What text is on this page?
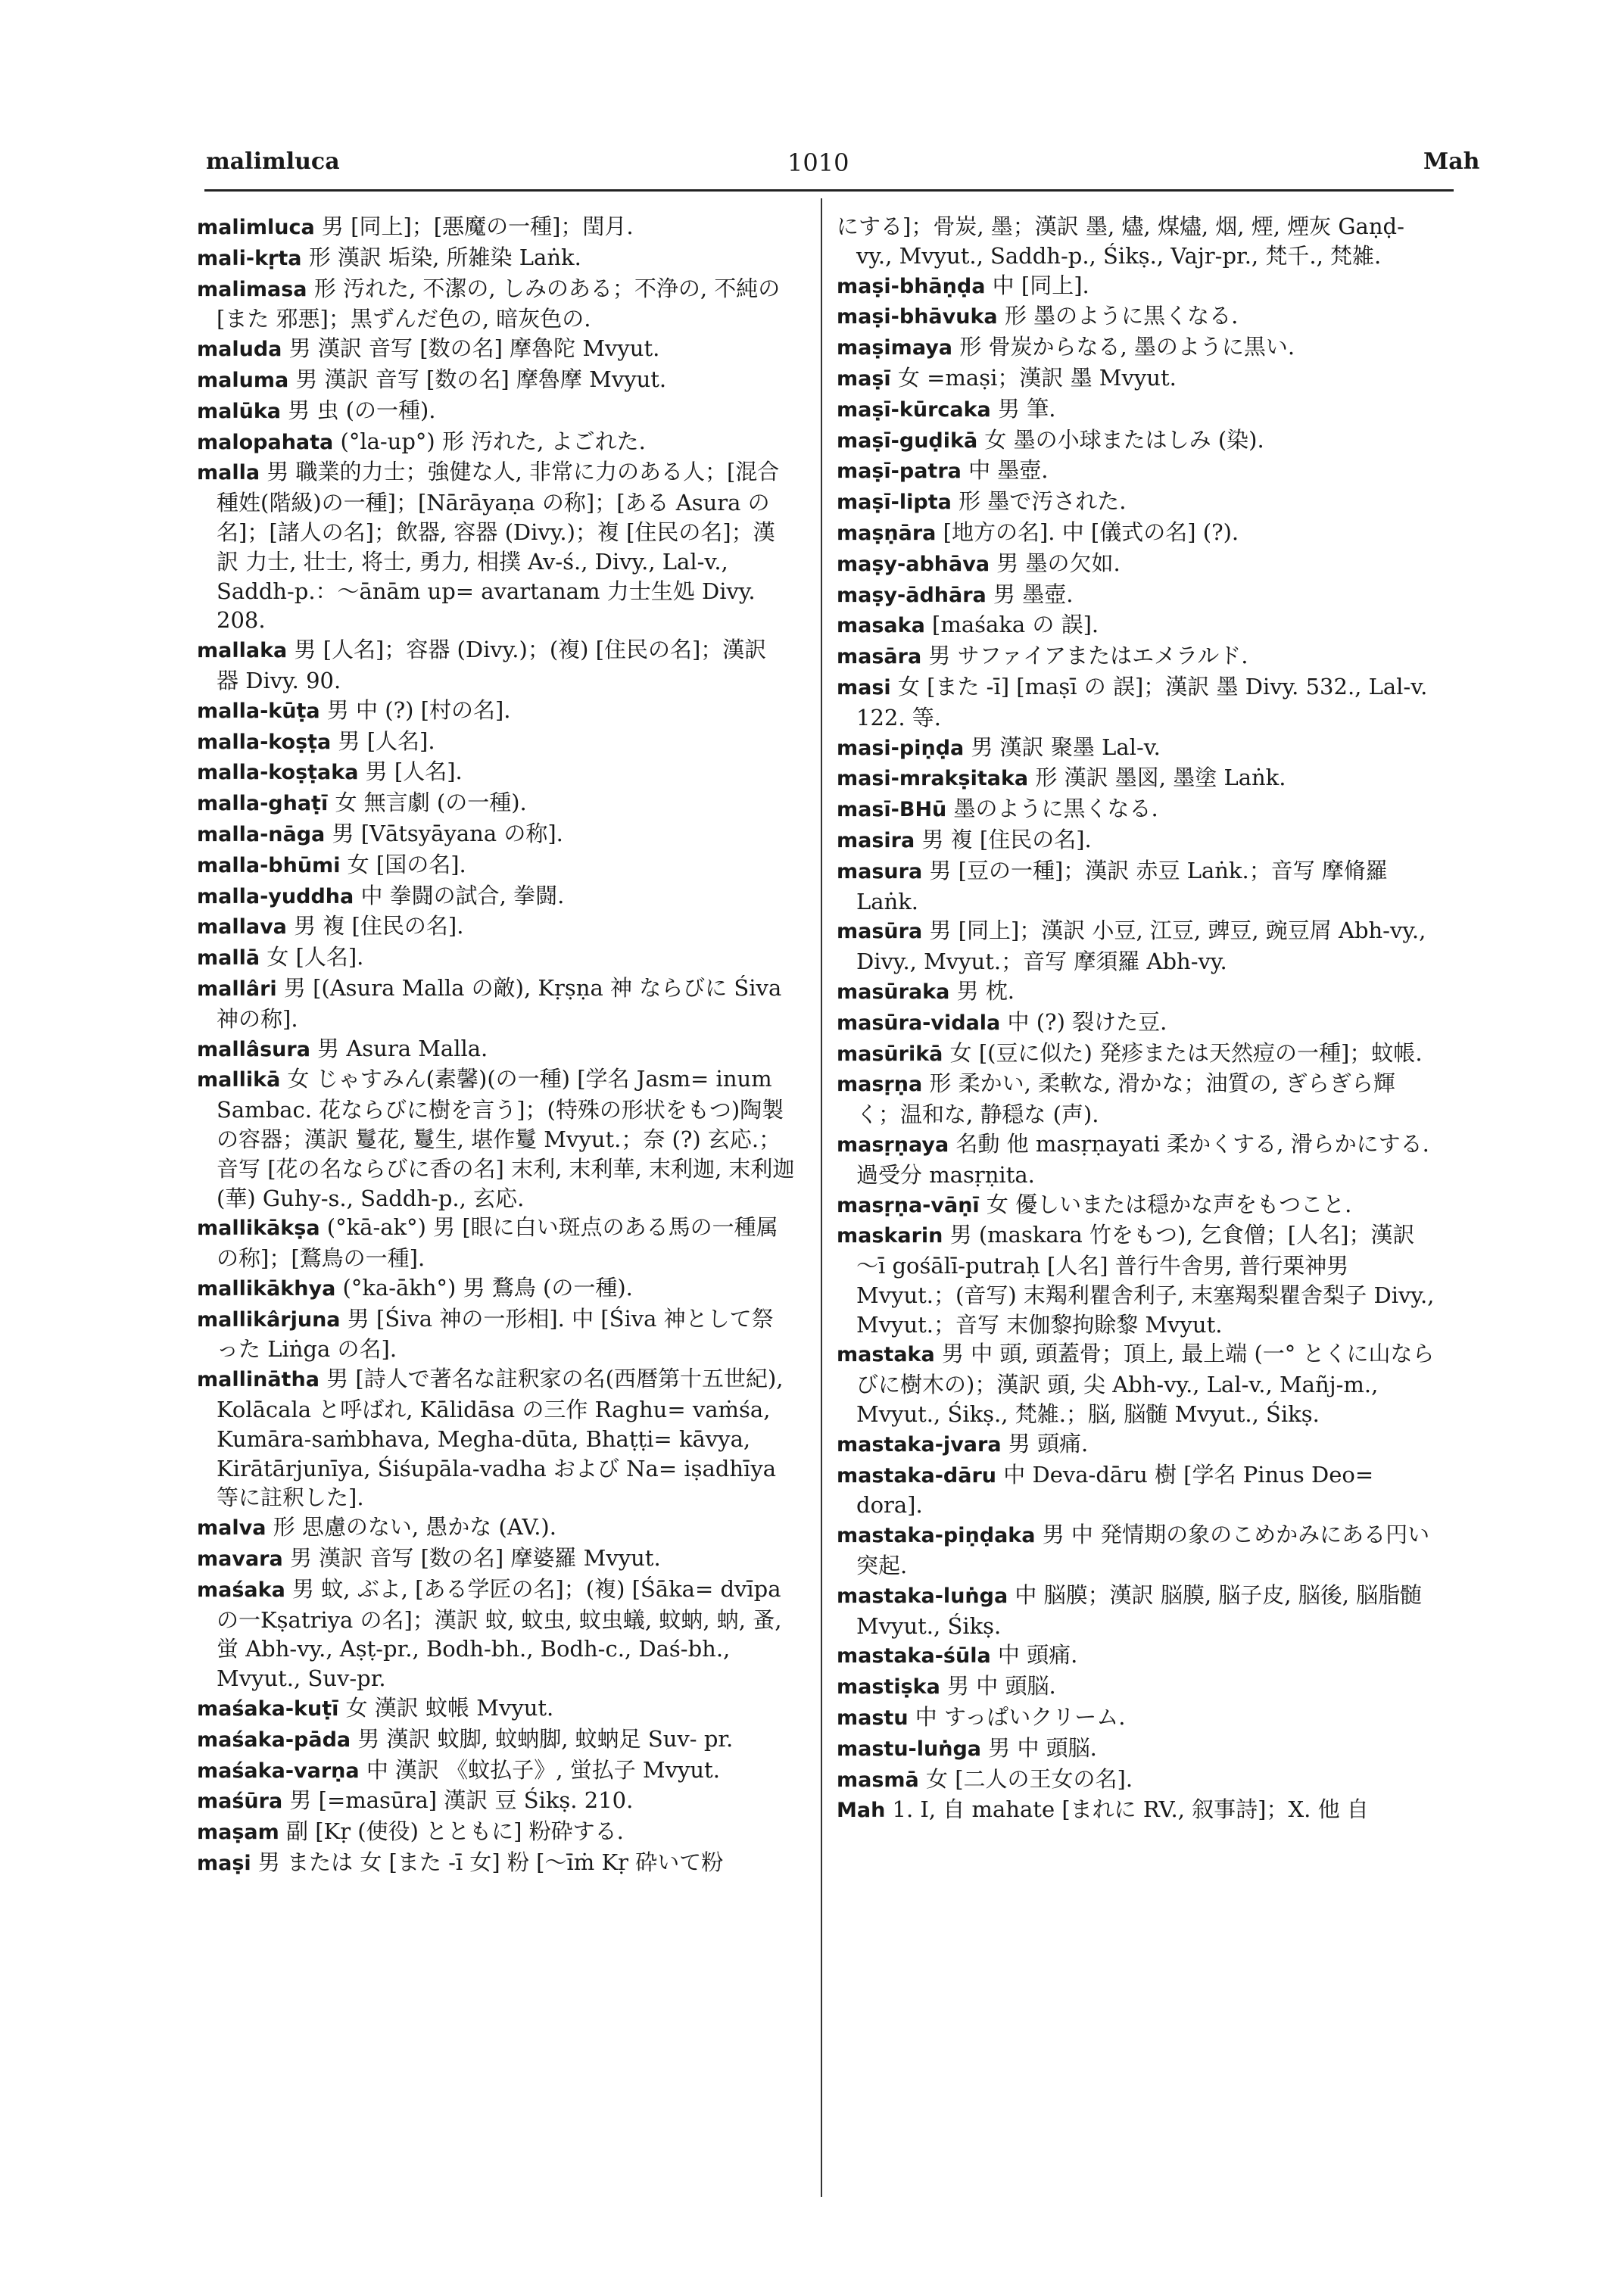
malimluca	1010	Mah
malimluca 男 [同上]；[悪魔の一種]；閏月.
mali-kṛta 形 漢訳 垢染, 所雑染 Laṅk.
malimasa 形 汚れた, 不潔の, しみのある；不浄の, 不純の [また 邪悪]；黒ずんだ色の, 暗灰色の.
maluda 男 漢訳 音写 [数の名] 摩魯陀 Mvyut.
maluma 男 漢訳 音写 [数の名] 摩魯摩 Mvyut.
malūka 男 虫 (の一種).
malopahata (°la-up°) 形 汚れた, よごれた.
malla 男 職業的力士；強健な人, 非常に力のある人；[混合種姓(階級)の一種]；[Nārāyaṇa の称]；[ある Asura の名]；[諸人の名]；飲器, 容器 (Divy.)；複 [住民の名]；漢訳 力士, 壮士, 将士, 勇力, 相撲 Av-ś., Divy., Lal-v., Saddh-p.：～ānām up= avartanam 力士生処 Divy. 208.
mallaka 男 [人名]；容器 (Divy.)；(複) [住民の名]；漢訳 器 Divy. 90.
malla-kūṭa 男 中 (?) [村の名].
malla-koṣṭa 男 [人名].
malla-koṣṭaka 男 [人名].
malla-ghaṭī 女 無言劇 (の一種).
malla-nāga 男 [Vātsyāyana の称].
malla-bhūmi 女 [国の名].
malla-yuddha 中 拳闘の試合, 拳闘.
mallava 男 複 [住民の名].
mallā 女 [人名].
mallâri 男 [(Asura Malla の敵), Kṛṣṇa 神 ならびに Śiva 神の称].
mallâsura 男 Asura Malla.
mallikā 女 じゃすみん(素馨)(の一種) [学名 Jasm= inum Sambac. 花ならびに樹を言う]；(特殊の形状をもつ)陶製の容器；漢訳 鬘花, 鬘生, 堪作鬘 Mvyut.；奈 (?) 玄応.；音写 [花の名ならびに香の名] 末利, 末利華, 末利迦, 末利迦 (華) Guhy-s., Saddh-p., 玄応.
mallikākṣa (°kā-ak°) 男 [眼に白い斑点のある馬の一種属の称]；[鶩鳥の一種].
mallikākhya (°ka-ākh°) 男 鶩鳥 (の一種).
mallikârjuna 男 [Śiva 神の一形相]. 中 [Śiva 神として祭った Liṅga の名].
mallinātha 男 [詩人で著名な註釈家の名(西暦第十五世紀), Kolācala と呼ばれ, Kālidāsa の三作 Raghu= vaṁśa, Kumāra-saṁbhava, Megha-dūta, Bhaṭṭi= kāvya, Kirātārjunīya, Śiśupāla-vadha および Na= iṣadhīya 等に註釈した].
malva 形 思慮のない, 愚かな (AV.).
mavara 男 漢訳 音写 [数の名] 摩婆羅 Mvyut.
maśaka 男 蚊, ぶよ, [ある学匠の名]；(複) [Śāka= dvīpa の一Kṣatriya の名]；漢訳 蚊, 蚊虫, 蚊虫蟻, 蚊蚋, 蚋, 蚤, 蛍 Abh-vy., Aṣṭ-pr., Bodh-bh., Bodh-c., Daś-bh., Mvyut., Suv-pr.
maśaka-kuṭī 女 漢訳 蚊帳 Mvyut.
maśaka-pāda 男 漢訳 蚊脚, 蚊蚋脚, 蚊蚋足 Suv- pr.
maśaka-varṇa 中 漢訳 《蚊払子》, 蛍払子 Mvyut.
maśūra 男 [=masūra] 漢訳 豆 Śikṣ. 210.
maṣam 副 [Kṛ (使役) とともに] 粉砕する.
maṣi 男 または 女 [また -ī 女] 粉 [～īṁ Kṛ 砕いて粉
にする]；骨炭, 墨；漢訳 墨, 燼, 煤燼, 烟, 煙, 煙灰 Gaṇḍ-vy., Mvyut., Saddh-p., Śikṣ., Vajr-pr., 梵千., 梵雑.
maṣi-bhāṇḍa 中 [同上].
maṣi-bhāvuka 形 墨のように黒くなる.
maṣimaya 形 骨炭からなる, 墨のように黒い.
maṣī 女 =maṣi；漢訳 墨 Mvyut.
maṣī-kūrcaka 男 筆.
maṣī-guḍikā 女 墨の小球またはしみ (染).
maṣī-patra 中 墨壺.
maṣī-lipta 形 墨で汚された.
maṣṇāra [地方の名]. 中 [儀式の名] (?).
maṣy-abhāva 男 墨の欠如.
maṣy-ādhāra 男 墨壺.
masaka [maśaka の 誤].
masāra 男 サファイアまたはエメラルド.
masi 女 [また -ī] [maṣī の 誤]；漢訳 墨 Divy. 532., Lal-v. 122. 等.
masi-piṇḍa 男 漢訳 聚墨 Lal-v.
masi-mrakṣitaka 形 漢訳 墨図, 墨塗 Laṅk.
masī-BHū 墨のように黒くなる.
masira 男 複 [住民の名].
masura 男 [豆の一種]；漢訳 赤豆 Laṅk.；音写 摩脩羅 Laṅk.
masūra 男 [同上]；漢訳 小豆, 江豆, 豍豆, 豌豆屑 Abh-vy., Divy., Mvyut.；音写 摩須羅 Abh-vy.
masūraka 男 枕.
masūra-vidala 中 (?) 裂けた豆.
masūrikā 女 [(豆に似た) 発疹または天然痘の一種]；蚊帳.
masṛṇa 形 柔かい, 柔軟な, 滑かな；油質の, ぎらぎら輝く；温和な, 静穏な (声).
masṛṇaya 名動 他 masṛṇayati 柔かくする, 滑らかにする. 過受分 masṛṇita.
masṛṇa-vāṇī 女 優しいまたは穏かな声をもつこと.
maskarin 男 (maskara 竹をもつ), 乞食僧；[人名]；漢訳 ～ī gośālī-putraḥ [人名] 普行牛舎男, 普行栗神男 Mvyut.；(音写) 末羯利瞿舎利子, 末塞羯梨瞿舎梨子 Divy., Mvyut.；音写 末伽黎拘賖黎 Mvyut.
mastaka 男 中 頭, 頭蓋骨；頂上, 最上端 (一° とくに山ならびに樹木の)；漢訳 頭, 尖 Abh-vy., Lal-v., Mañj-m., Mvyut., Śikṣ., 梵雑.；脳, 脳髄 Mvyut., Śikṣ.
mastaka-jvara 男 頭痛.
mastaka-dāru 中 Deva-dāru 樹 [学名 Pinus Deo= dora].
mastaka-piṇḍaka 男 中 発情期の象のこめかみにある円い突起.
mastaka-luṅga 中 脳膜；漢訳 脳膜, 脳子皮, 脳後, 脳脂髄 Mvyut., Śikṣ.
mastaka-śūla 中 頭痛.
mastiṣka 男 中 頭脳.
mastu 中 すっぱいクリーム.
mastu-luṅga 男 中 頭脳.
masmā 女 [二人の王女の名].
Mah 1. I, 自 mahate [まれに RV., 叙事詩]；X. 他 自
